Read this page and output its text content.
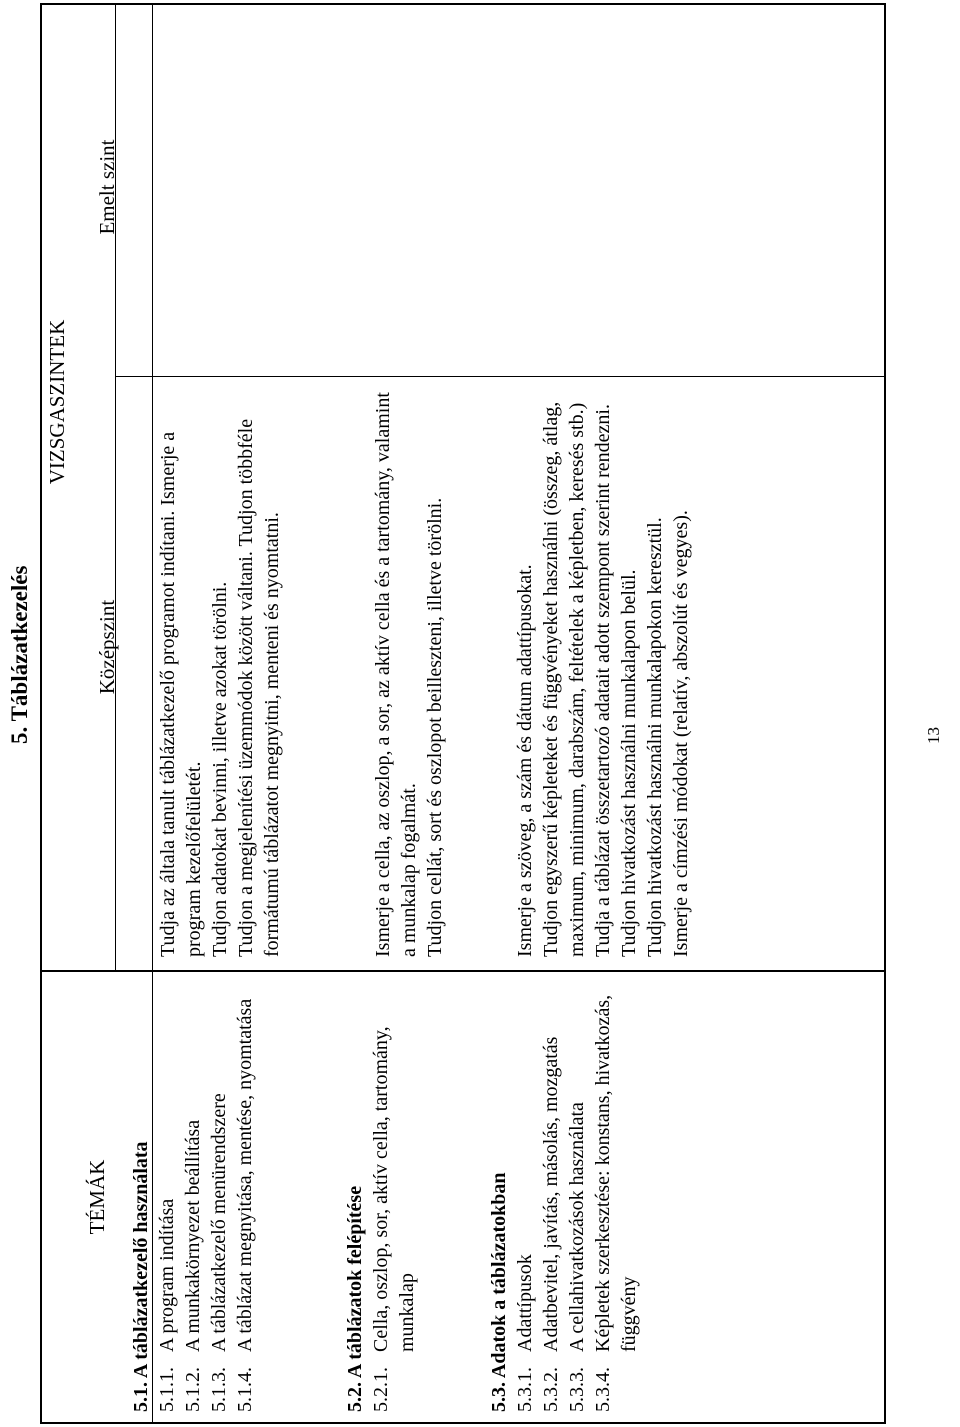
5. Táblázatkezelés
TÉMÁK
VIZSGASZINTEK
Középszint
Emelt szint
5.1. A táblázatkezelő használata 5.1.1.
A program indítása
5.1.2.
A munkakörnyezet beállítása
5.1.3.
A táblázatkezelő menürendszere
5.1.4.
A táblázat megnyitása, mentése, nyomtatása
Tudja az általa tanult táblázatkezelő programot indítani. Ismerje a program kezelőfelületét. Tudjon adatokat bevinni, illetve azokat törölni. Tudjon a megjelenítési üzemmódok között váltani. Tudjon többféle formátumú táblázatot megnyitni, menteni és nyomtatni.
5.2. A táblázatok felépítése 5.2.1.
Cella, oszlop, sor, aktív cella, tartomány, munkalap
Ismerje a cella, az oszlop, a sor, az aktív cella és a tartomány, valamint a munkalap fogalmát. Tudjon cellát, sort és oszlopot beilleszteni, illetve törölni.
5.3. Adatok a táblázatokban 5.3.1.
Adattípusok
5.3.2.
Adatbevitel, javítás, másolás, mozgatás
5.3.3.
A cellahivatkozások használata
5.3.4.
Képletek szerkesztése: konstans, hivatkozás, függvény
Ismerje a szöveg, a szám és dátum adattípusokat. Tudjon egyszerű képleteket és függvényeket használni (összeg, átlag, maximum, minimum, darabszám, feltételek a képletben, keresés stb.) Tudja a táblázat összetartozó adatait adott szempont szerint rendezni. Tudjon hivatkozást használni munkalapon belül. Tudjon hivatkozást használni munkalapokon keresztül. Ismerje a címzési módokat (relatív, abszolút és vegyes).	13
